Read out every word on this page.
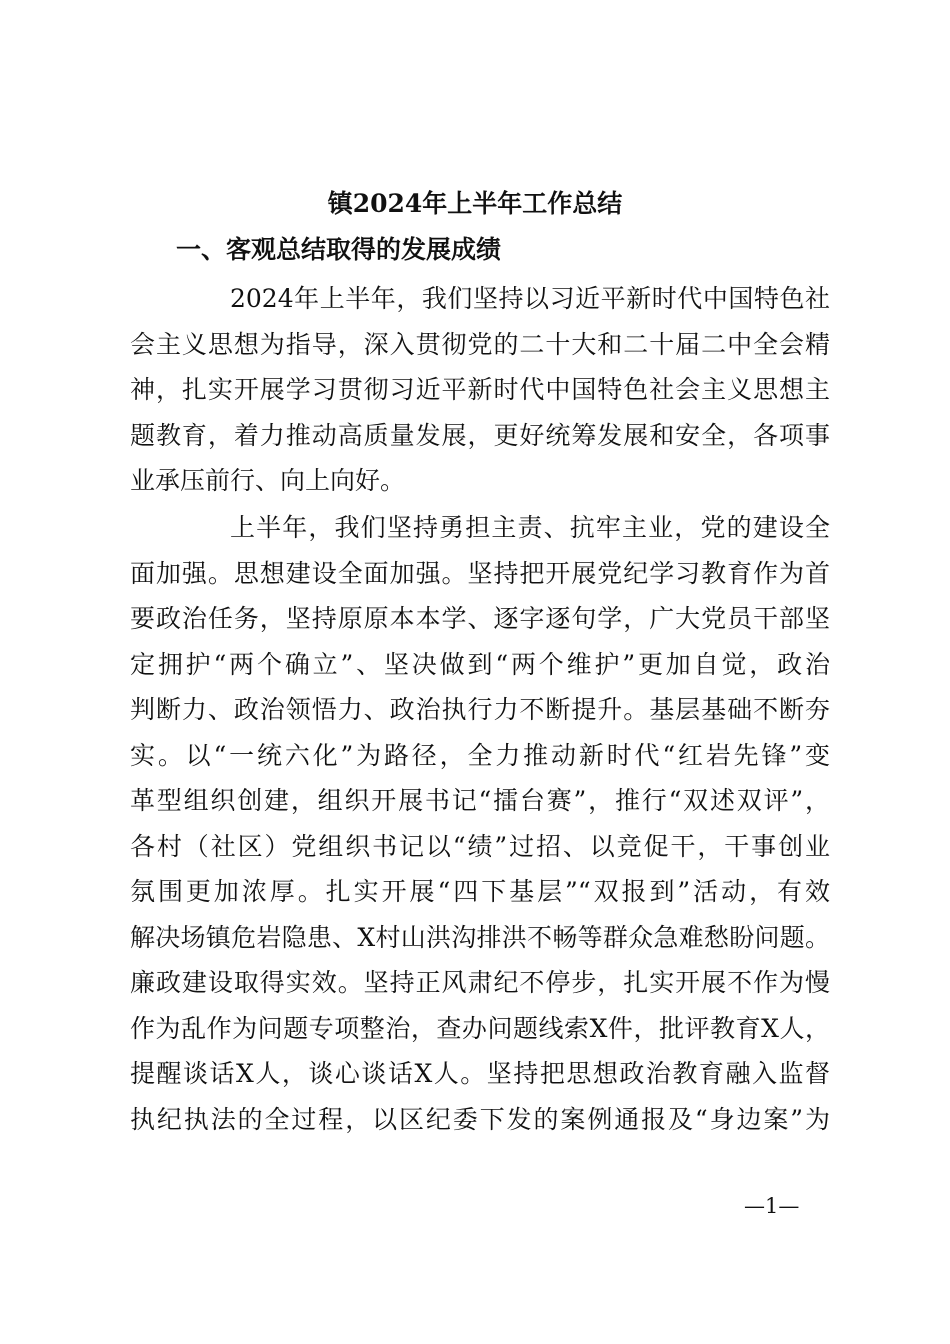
镇2024年上半年工作总结
一、客观总结取得的发展成绩
2024年上半年，我们坚持以习近平新时代中国特色社
会主义思想为指导，深入贯彻党的二十大和二十届二中全会精
神，扎实开展学习贯彻习近平新时代中国特色社会主义思想主
题教育，着力推动高质量发展，更好统筹发展和安全，各项事
业承压前行、向上向好。
上半年，我们坚持勇担主责、抗牢主业，党的建设全
面加强。思想建设全面加强。坚持把开展党纪学习教育作为首
要政治任务，坚持原原本本学、逐字逐句学，广大党员干部坚
定拥护“两个确立”、坚决做到“两个维护”更加自觉，政治
判断力、政治领悟力、政治执行力不断提升。基层基础不断夯
实。以“一统六化”为路径，全力推动新时代“红岩先锋”变
革型组织创建，组织开展书记“擂台赛”，推行“双述双评”，
各村（社区）党组织书记以“绩”过招、以竞促干，干事创业
氛围更加浓厚。扎实开展“四下基层”“双报到”活动，有效
解决场镇危岩隐患、X村山洪沟排洪不畅等群众急难愁盼问题。
廉政建设取得实效。坚持正风肃纪不停步，扎实开展不作为慢
作为乱作为问题专项整治，查办问题线索X件，批评教育X人，
提醒谈话X人，谈心谈话X人。坚持把思想政治教育融入监督
执纪执法的全过程，以区纪委下发的案例通报及“身边案”为
—1—
